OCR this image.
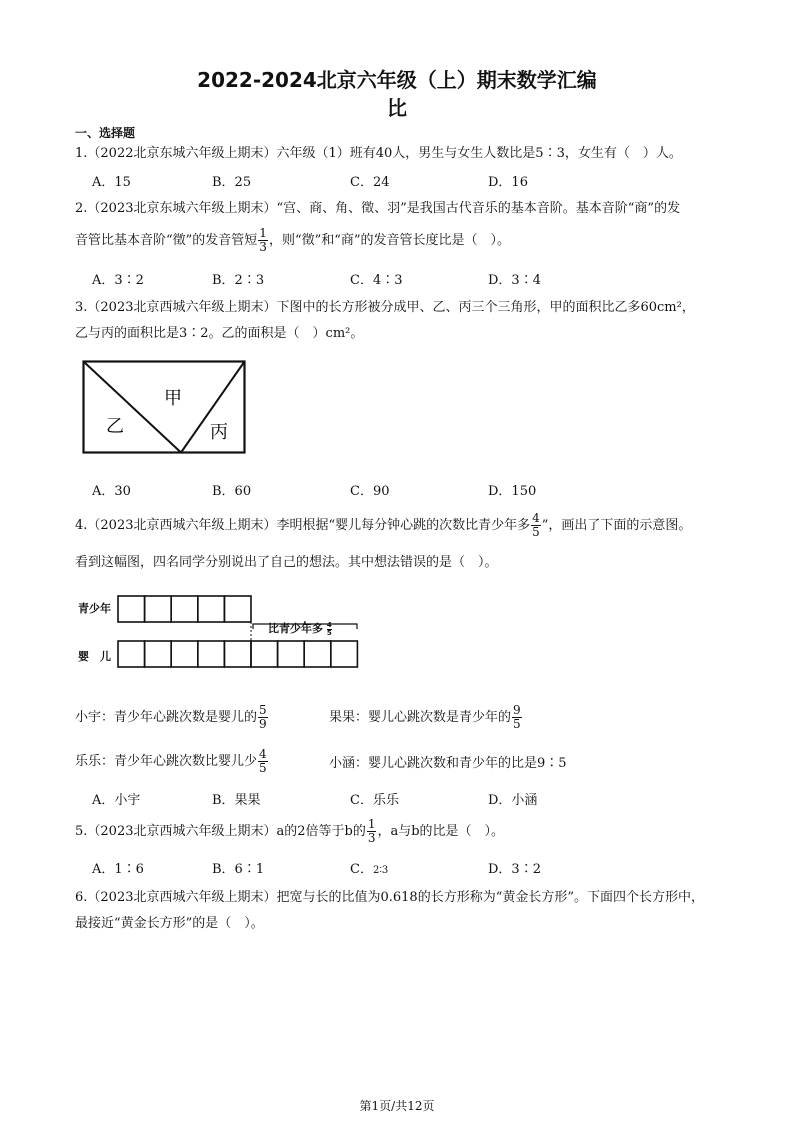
2022-2024北京六年级（上）期末数学汇编
比
一、选择题
1.（2022北京东城六年级上期末）六年级（1）班有40人，男生与女生人数比是5∶3，女生有（　）人。
A．15	B．25	C．24	D．16
2.（2023北京东城六年级上期末）“宫、商、角、徵、羽”是我国古代音乐的基本音阶。基本音阶“商”的发
音管比基本音阶“徵”的发音管短 $\frac{1}{3}$ ，则“徵”和“商”的发音管长度比是（　）。
A．3∶2	B．2∶3	C．4∶3	D．3∶4
3.（2023北京西城六年级上期末）下图中的长方形被分成甲、乙、丙三个三角形，甲的面积比乙多60cm²，
乙与丙的面积比是3∶2。乙的面积是（　）cm²。
甲
乙	丙
A．30	B．60	C．90	D．150
4.（2023北京西城六年级上期末）李明根据“婴儿每分钟心跳的次数比青少年多 $\frac{4}{5}$ ”，画出了下面的示意图。
看到这幅图，四名同学分别说出了自己的想法。其中想法错误的是（　）。
青少年
婴　儿
比青少年多 $\frac{4}{5}$
小宇：青少年心跳次数是婴儿的 $\frac{5}{9}$	果果：婴儿心跳次数是青少年的 $\frac{9}{5}$
乐乐：青少年心跳次数比婴儿少 $\frac{4}{5}$	小涵：婴儿心跳次数和青少年的比是9∶5
A．小宇	B．果果	C．乐乐	D．小涵
5.（2023北京西城六年级上期末）a的2倍等于b的 $\frac{1}{3}$ ，a与b的比是（　）。
A．1∶6	B．6∶1	C．2∶3	D．3∶2
6.（2023北京西城六年级上期末）把宽与长的比值为0.618的长方形称为“黄金长方形”。下面四个长方形中，
最接近“黄金长方形”的是（　）。
第1页/共12页
